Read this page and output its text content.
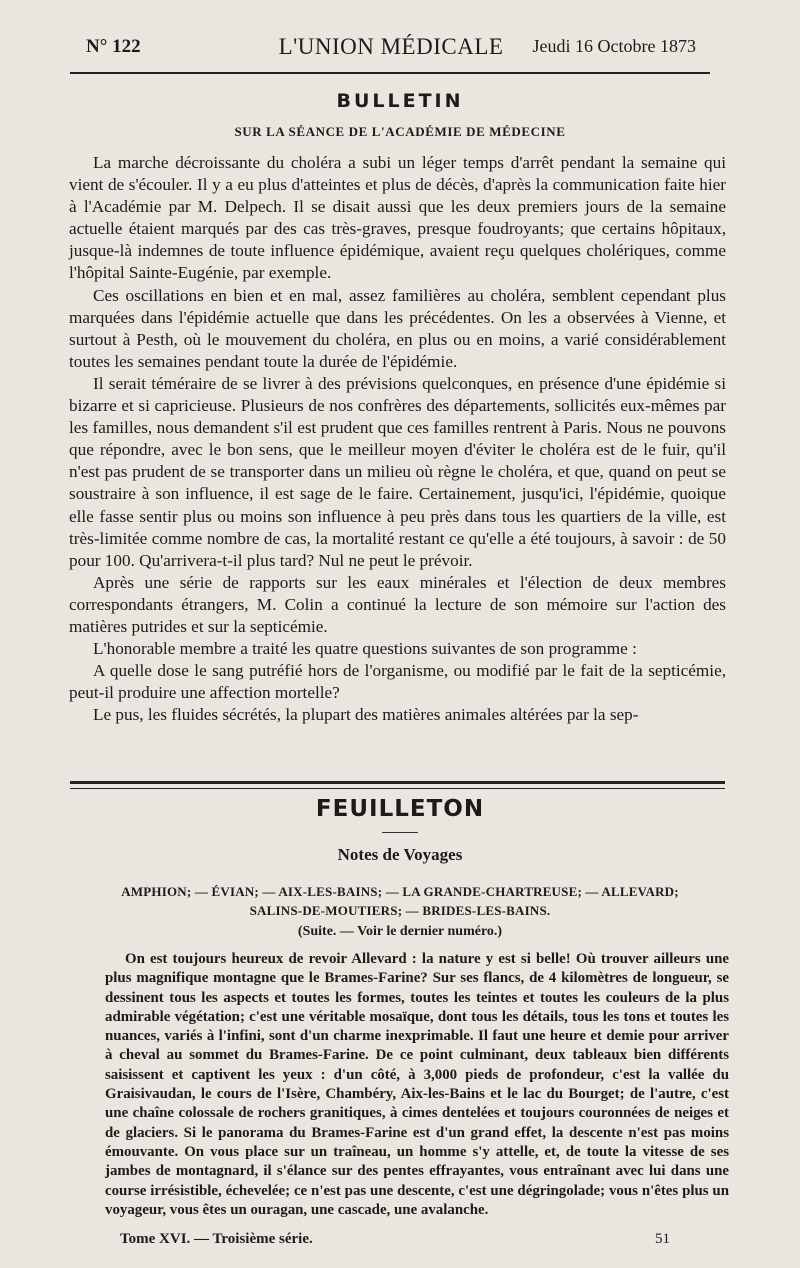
N° 122	L'UNION MÉDICALE	Jeudi 16 Octobre 1873
BULLETIN
SUR LA SÉANCE DE L'ACADÉMIE DE MÉDECINE

La marche décroissante du choléra a subi un léger temps d'arrêt pendant la semaine qui vient de s'écouler. Il y a eu plus d'atteintes et plus de décès, d'après la communication faite hier à l'Académie par M. Delpech. Il se disait aussi que les deux premiers jours de la semaine actuelle étaient marqués par des cas très-graves, presque foudroyants; que certains hôpitaux, jusque-là indemnes de toute influence épidémique, avaient reçu quelques cholériques, comme l'hôpital Sainte-Eugénie, par exemple.

Ces oscillations en bien et en mal, assez familières au choléra, semblent cependant plus marquées dans l'épidémie actuelle que dans les précédentes. On les a observées à Vienne, et surtout à Pesth, où le mouvement du choléra, en plus ou en moins, a varié considérablement toutes les semaines pendant toute la durée de l'épidémie.

Il serait téméraire de se livrer à des prévisions quelconques, en présence d'une épidémie si bizarre et si capricieuse. Plusieurs de nos confrères des départements, sollicités eux-mêmes par les familles, nous demandent s'il est prudent que ces familles rentrent à Paris. Nous ne pouvons que répondre, avec le bon sens, que le meilleur moyen d'éviter le choléra est de le fuir, qu'il n'est pas prudent de se transporter dans un milieu où règne le choléra, et que, quand on peut se soustraire à son influence, il est sage de le faire. Certainement, jusqu'ici, l'épidémie, quoique elle fasse sentir plus ou moins son influence à peu près dans tous les quartiers de la ville, est très-limitée comme nombre de cas, la mortalité restant ce qu'elle a été toujours, à savoir : de 50 pour 100. Qu'arrivera-t-il plus tard? Nul ne peut le prévoir.

Après une série de rapports sur les eaux minérales et l'élection de deux membres correspondants étrangers, M. Colin a continué la lecture de son mémoire sur l'action des matières putrides et sur la septicémie.

L'honorable membre a traité les quatre questions suivantes de son programme :

A quelle dose le sang putréfié hors de l'organisme, ou modifié par le fait de la septicémie, peut-il produire une affection mortelle?

Le pus, les fluides sécrétés, la plupart des matières animales altérées par la sep-

FEUILLETON
Notes de Voyages
AMPHION; — ÉVIAN; — AIX-LES-BAINS; — LA GRANDE-CHARTREUSE; — ALLEVARD;
SALINS-DE-MOUTIERS; — BRIDES-LES-BAINS.
(Suite. — Voir le dernier numéro.)

On est toujours heureux de revoir Allevard : la nature y est si belle! Où trouver ailleurs une plus magnifique montagne que le Brames-Farine? Sur ses flancs, de 4 kilomètres de longueur, se dessinent tous les aspects et toutes les formes, toutes les teintes et toutes les couleurs de la plus admirable végétation; c'est une véritable mosaïque, dont tous les détails, tous les tons et toutes les nuances, variés à l'infini, sont d'un charme inexprimable. Il faut une heure et demie pour arriver à cheval au sommet du Brames-Farine. De ce point culminant, deux tableaux bien différents saisissent et captivent les yeux : d'un côté, à 3,000 pieds de profondeur, c'est la vallée du Graisivaudan, le cours de l'Isère, Chambéry, Aix-les-Bains et le lac du Bourget; de l'autre, c'est une chaîne colossale de rochers granitiques, à cimes dentelées et toujours couronnées de neiges et de glaciers. Si le panorama du Brames-Farine est d'un grand effet, la descente n'est pas moins émouvante. On vous place sur un traîneau, un homme s'y attelle, et, de toute la vitesse de ses jambes de montagnard, il s'élance sur des pentes effrayantes, vous entraînant avec lui dans une course irrésistible, échevelée; ce n'est pas une descente, c'est une dégringolade; vous n'êtes plus un voyageur, vous êtes un ouragan, une cascade, une avalanche.

Tome XVI. — Troisième série.	51
